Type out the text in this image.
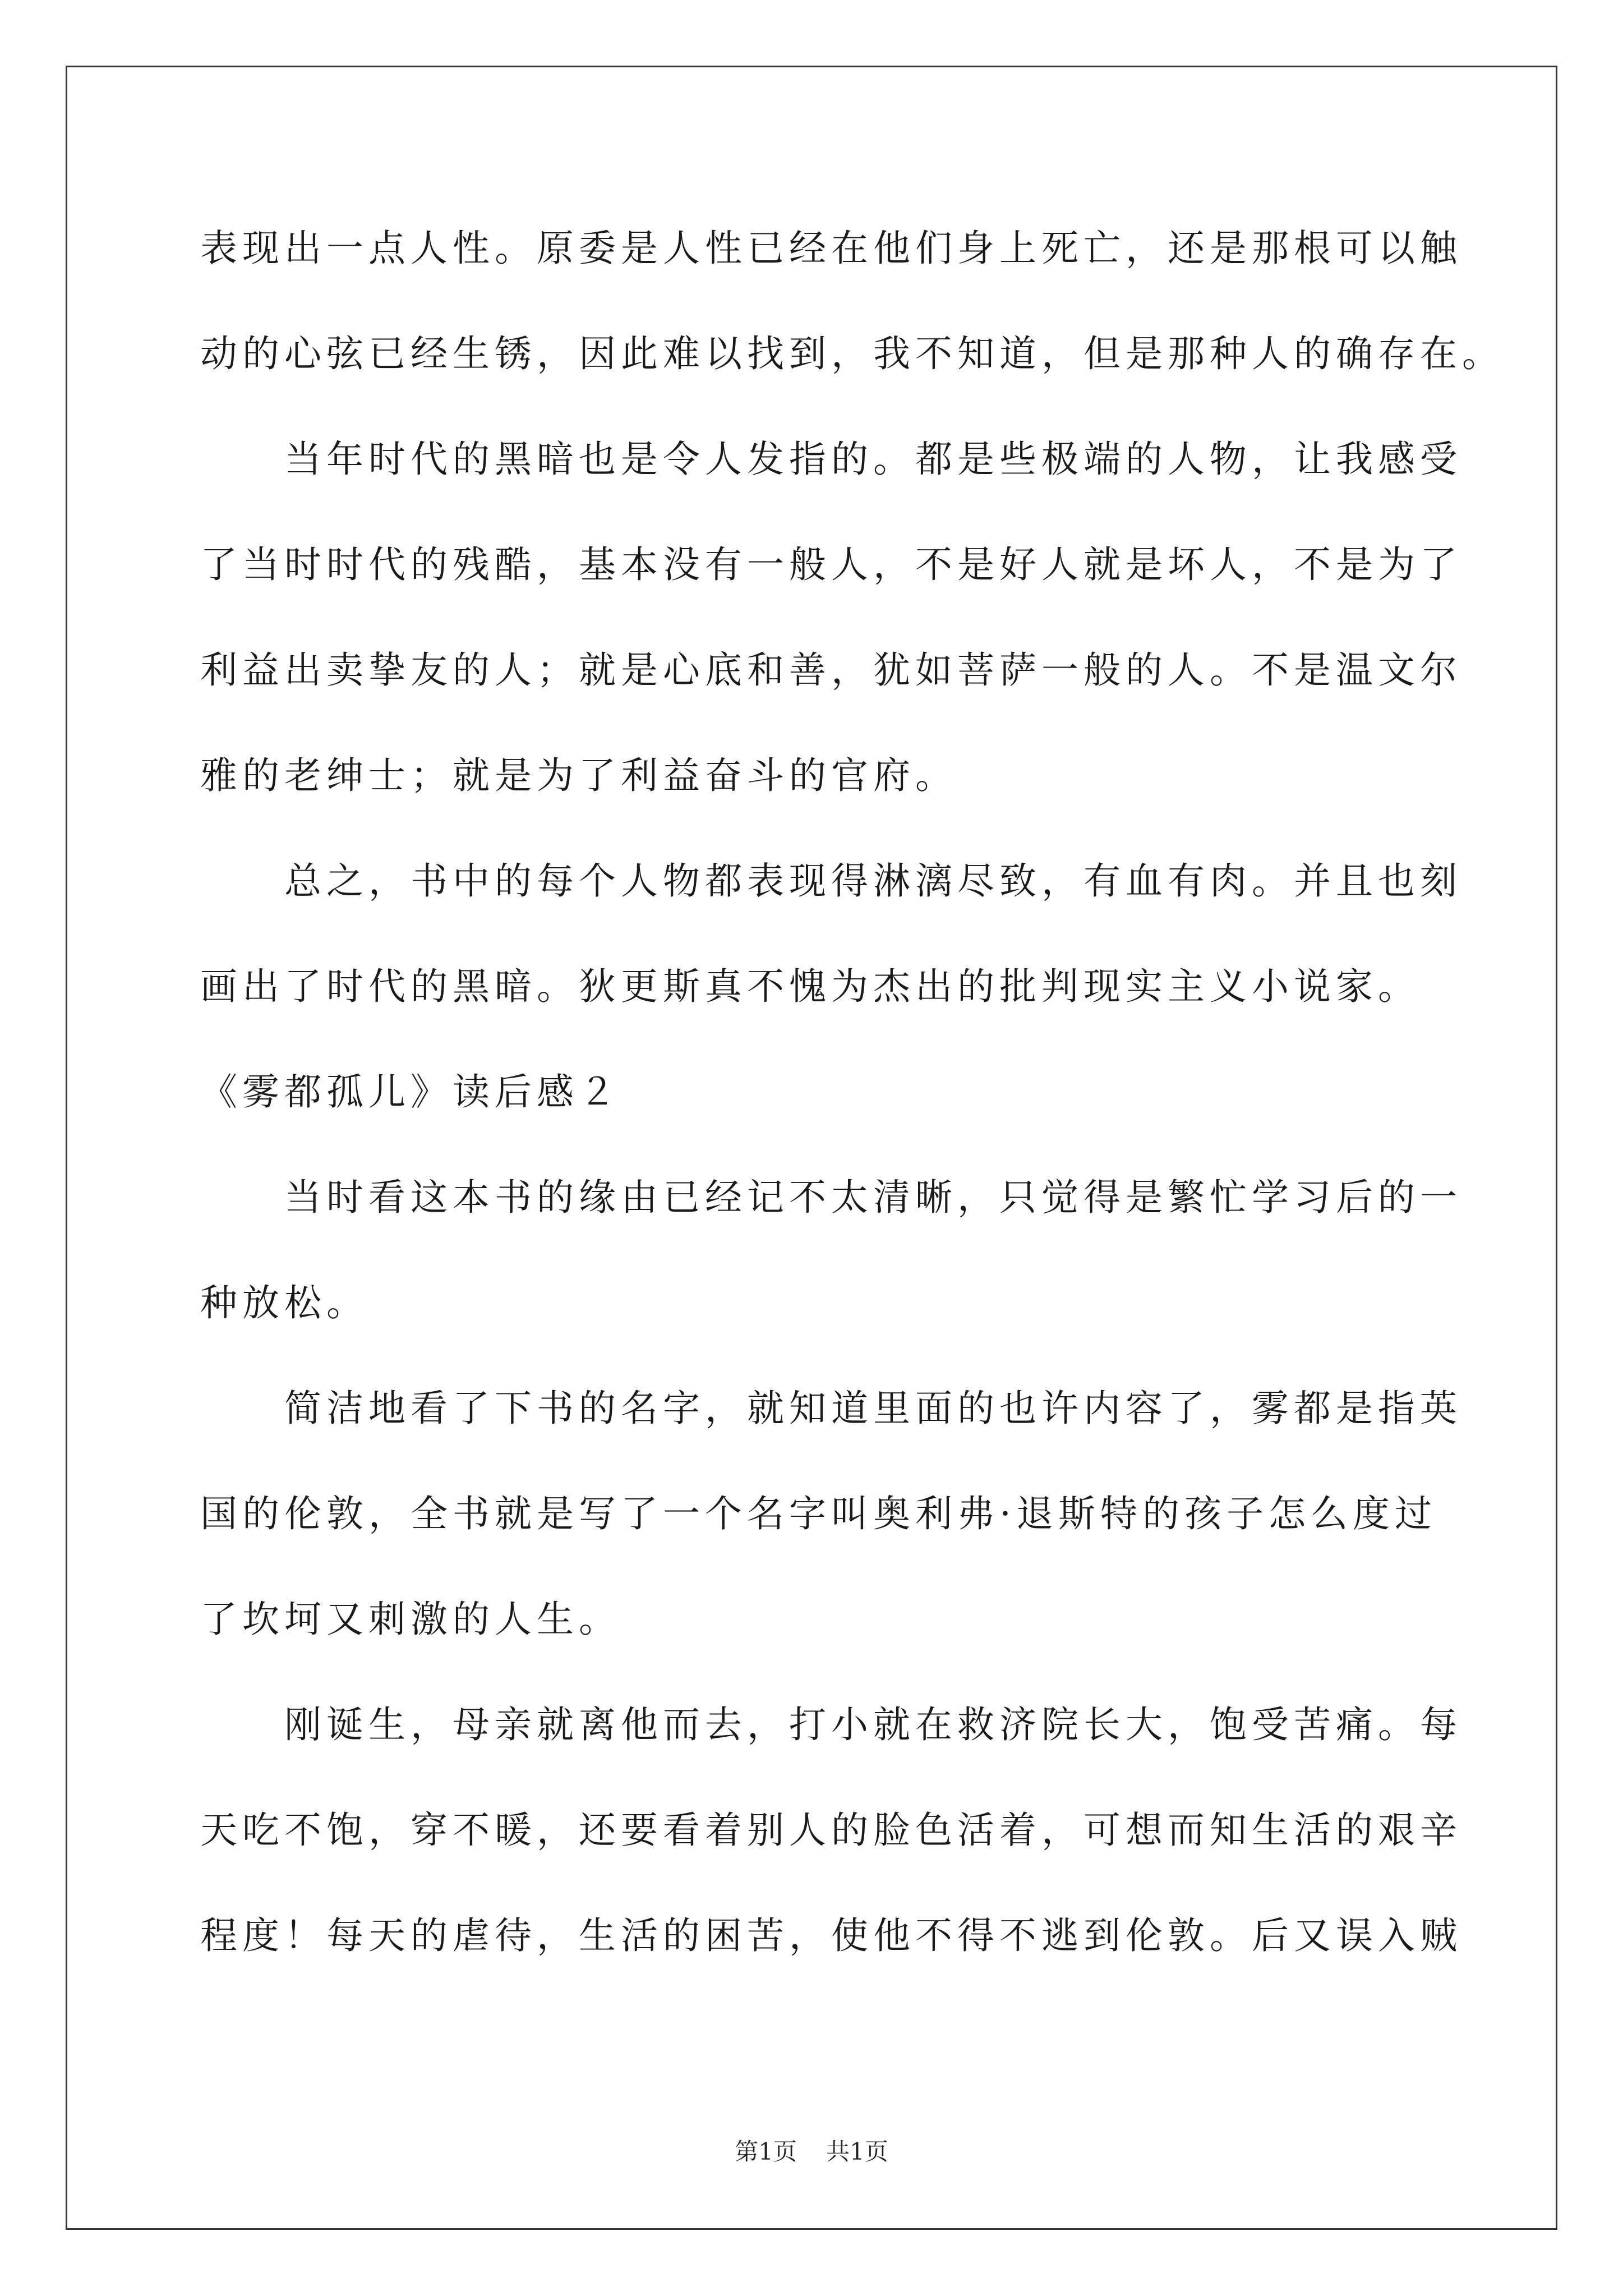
表现出一点人性。原委是人性已经在他们身上死亡，还是那根可以触
动的心弦已经生锈，因此难以找到，我不知道，但是那种人的确存在。
当年时代的黑暗也是令人发指的。都是些极端的人物，让我感受
了当时时代的残酷，基本没有一般人，不是好人就是坏人，不是为了
利益出卖挚友的人；就是心底和善，犹如菩萨一般的人。不是温文尔
雅的老绅士；就是为了利益奋斗的官府。
总之，书中的每个人物都表现得淋漓尽致，有血有肉。并且也刻
画出了时代的黑暗。狄更斯真不愧为杰出的批判现实主义小说家。
《雾都孤儿》读后感２
当时看这本书的缘由已经记不太清晰，只觉得是繁忙学习后的一
种放松。
简洁地看了下书的名字，就知道里面的也许内容了，雾都是指英
国的伦敦，全书就是写了一个名字叫奥利弗·退斯特的孩子怎么度过
了坎坷又刺激的人生。
刚诞生，母亲就离他而去，打小就在救济院长大，饱受苦痛。每
天吃不饱，穿不暖，还要看着别人的脸色活着，可想而知生活的艰辛
程度！每天的虐待，生活的困苦，使他不得不逃到伦敦。后又误入贼
第1页 共1页
